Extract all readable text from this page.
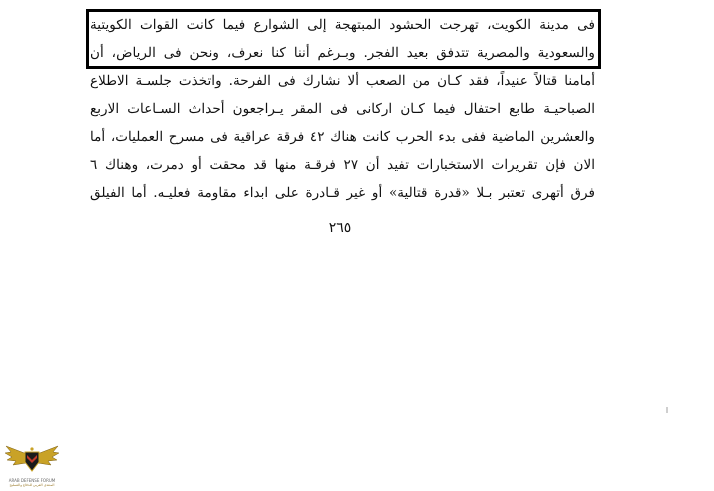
فى مدينة الكويت، تهرجت الحشود المبتهجة إلى الشوارع فيما كانت القوات الكويتية
والسعودية والمصرية تتدفق بعيد الفجر. وبـرغم أننا كنا نعرف، ونحن فى الرياض، أن
أمامنا قتالاً عنيداً، فقد كـان من الصعب ألا نشارك فى الفرحة. واتخذت جلسـة الاطلاع
الصباحيـة طابع احتفال فيما كـان اركانى فى المقر يـراجعون أحداث السـاعات الاربع
والعشرين الماضية ففى بدء الحرب كانت هناك ٤٢ فرقة عراقية فى مسرح العمليات، أما
الان فإن تقريرات الاستخبارات تفيد أن ٢٧ فرقـة منها قد محقت أو دمرت، وهناك ٦
فرق أتهرى تعتبر بـلا «قدرة قتالية» أو غير قـادرة على ابداء مقاومة فعليـه. أما الفيلق
٢٦٥
ARAB DEFENSE FORUM
المنتدى العربي للدفاع والتسليح
